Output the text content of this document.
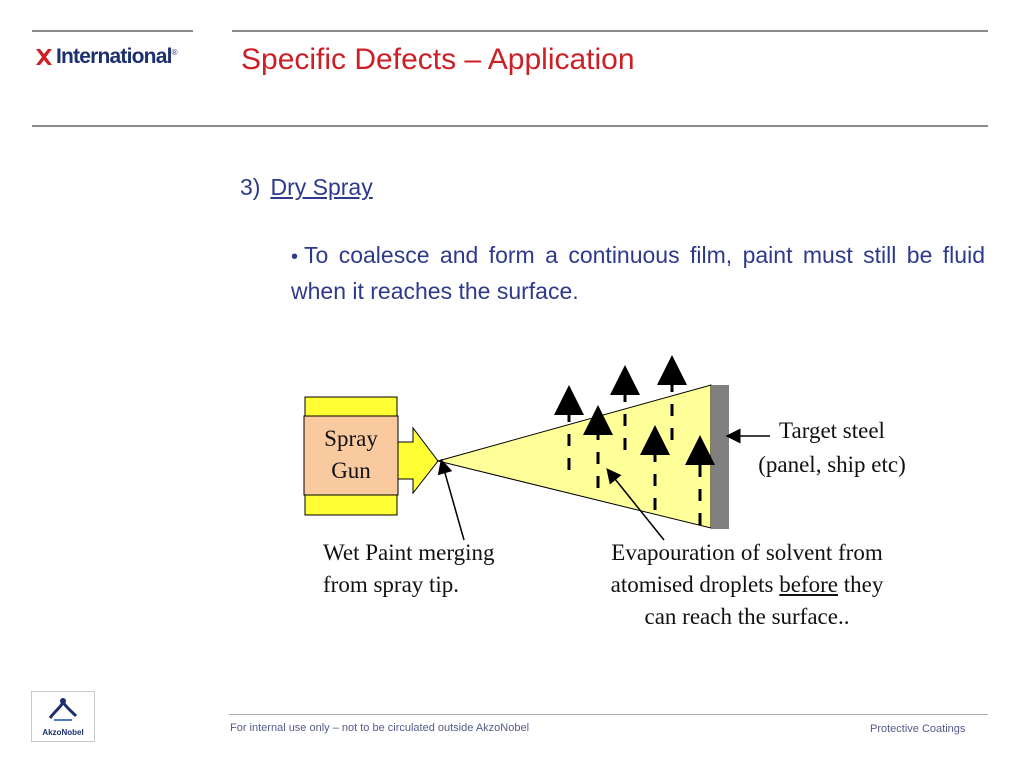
International® Specific Defects – Application
3) Dry Spray
• To coalesce and form a continuous film, paint must still be fluid when it reaches the surface.
Spray
Gun
Target steel
(panel, ship etc)
Wet Paint merging
from spray tip.
Evapouration of solvent from
atomised droplets before they
can reach the surface..
AkzoNobel	For internal use only – not to be circulated outside AkzoNobel	Protective Coatings
